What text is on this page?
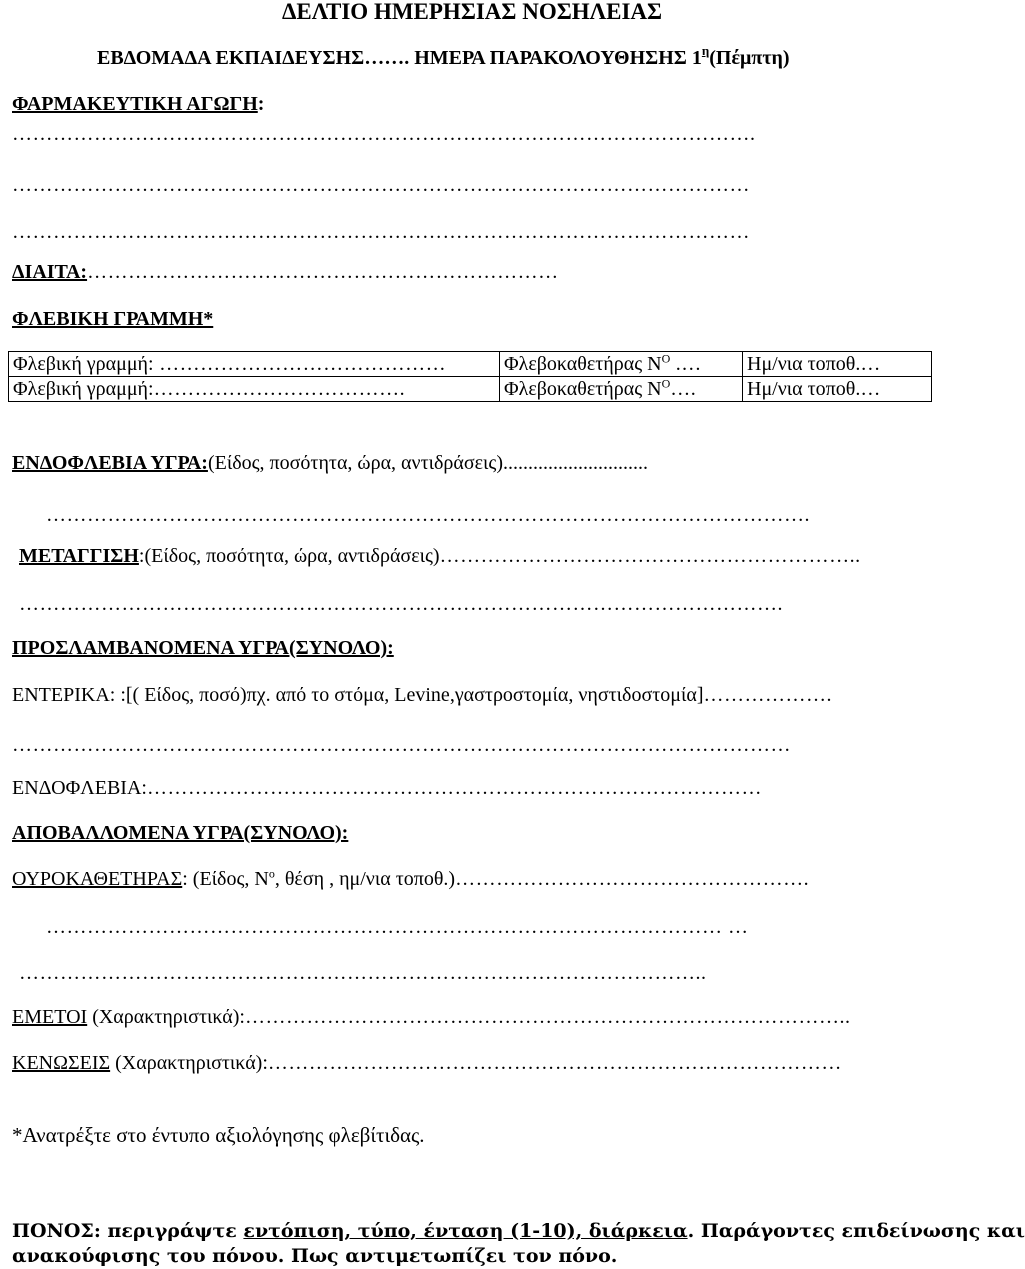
ΔΕΛΤΙΟ ΗΜΕΡΗΣΙΑΣ ΝΟΣΗΛΕΙΑΣ
ΕΒΔΟΜΑΔΑ ΕΚΠΑΙΔΕΥΣΗΣ……. ΗΜΕΡΑ ΠΑΡΑΚΟΛΟΥΘΗΣΗΣ $1^\eta(\Pi έ\mu\pi\tau\eta)$
ΦΑΡΜΑΚΕΥΤΙΚΗ ΑΓΩΓΗ:
……………………………………………………………………………………………….
………………………………………………………………………………………………
………………………………………………………………………………………………
ΔΙΑΙΤΑ:……………………………………………………………
ΦΛΕΒΙΚΗ ΓΡΑΜΜΗ*
Φλεβική γραμμή: ……………………………………	Φλεβοκαθετήρας $N^O$ .…	Ημ/νια τοποθ.…
Φλεβική γραμμή:……………………………….	Φλεβοκαθετήρας $N^O\dots$.	Ημ/νια τοποθ.…
ΕΝΔΟΦΛΕΒΙΑ ΥΓΡΑ:(Είδος, ποσότητα, ώρα, αντιδράσεις).............................
………………………………………………………………………………………………….
ΜΕΤΑΓΓΙΣΗ:(Είδος, ποσότητα, ώρα, αντιδράσεις)……………………………………………………..
………………………………………………………………………………………………….
ΠΡΟΣΛΑΜΒΑΝΟΜΕΝΑ ΥΓΡΑ(ΣΥΝΟΛΟ):
ΕΝΤΕΡΙΚΑ: :[( Είδος, ποσό)πχ. από το στόμα, Levine,γαστροστομία, νηστιδοστομία]……………….
……………………………………………………………………………………………………
ΕΝΔΟΦΛΕΒΙΑ:………………………………………………………………………………
ΑΠΟΒΑΛΛΟΜΕΝΑ ΥΓΡΑ(ΣΥΝΟΛΟ):
ΟΥΡΟΚΑΘΕΤΗΡΑΣ: (Είδος, $N^o$, θέση , ημ/νια τοποθ.)…………………………………………….
……………………………………………………………………………………… …
………………………………………………………………………………………..
ΕΜΕΤΟΙ (Χαρακτηριστικά):……………………………………………………………………………..
ΚΕΝΩΣΕΙΣ (Χαρακτηριστικά):…………………………………………………………………………
*Ανατρέξτε στο έντυπο αξιολόγησης φλεβίτιδας.
ΠΟΝΟΣ: περιγράψτε εντόπιση, τύπο, ένταση (1-10), διάρκεια. Παράγοντες επιδείνωσης και
ανακούφισης του πόνου. Πως αντιμετωπίζει τον πόνο.
